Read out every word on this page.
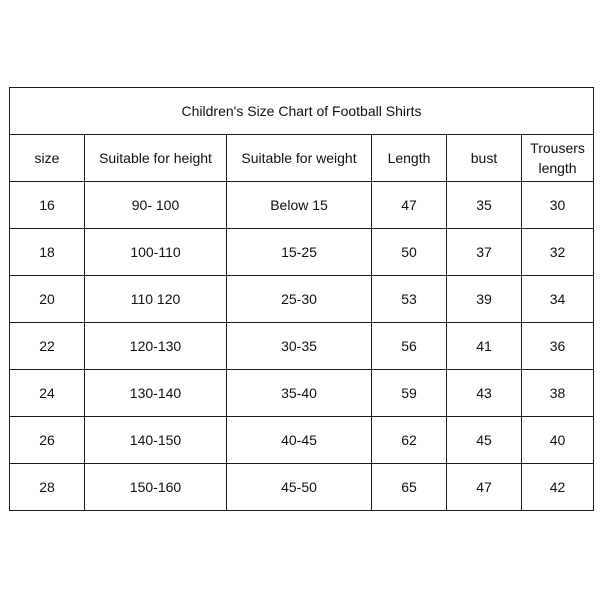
Children's Size Chart of Football Shirts					
size	Suitable for height	Suitable for weight	Length	bust	Trousers length
16	90- 100	Below 15	47	35	30
18	100-110	15-25	50	37	32
20	110 120	25-30	53	39	34
22	120-130	30-35	56	41	36
24	130-140	35-40	59	43	38
26	140-150	40-45	62	45	40
28	150-160	45-50	65	47	42
